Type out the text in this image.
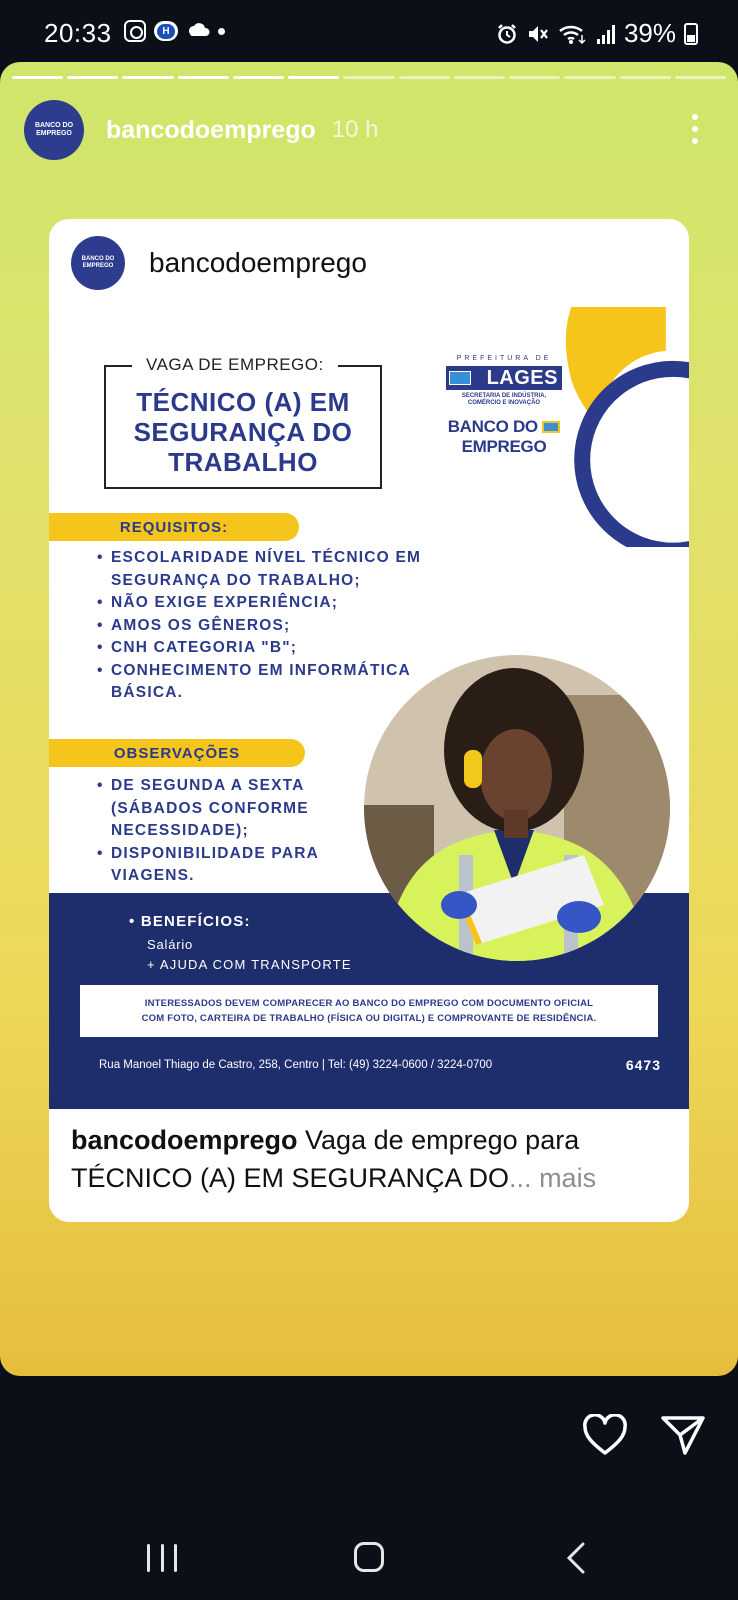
20:33	H	39%
BANCO DO
EMPREGO bancodoemprego 10 h
BANCO DO
EMPREGO bancodoemprego
VAGA DE EMPREGO:
TÉCNICO (A) EM
SEGURANÇA DO
TRABALHO
PREFEITURA DE
LAGES
SECRETARIA DE INDÚSTRIA,
COMÉRCIO E INOVAÇÃO
BANCO DO
EMPREGO
REQUISITOS:
• ESCOLARIDADE NÍVEL TÉCNICO EM SEGURANÇA DO TRABALHO;
• NÃO EXIGE EXPERIÊNCIA;
• AMOS OS GÊNEROS;
• CNH CATEGORIA "B";
• CONHECIMENTO EM INFORMÁTICA BÁSICA.
OBSERVAÇÕES
• DE SEGUNDA A SEXTA (SÁBADOS CONFORME NECESSIDADE);
• DISPONIBILIDADE PARA VIAGENS.
• BENEFÍCIOS:
Salário
+ AJUDA COM TRANSPORTE
INTERESSADOS DEVEM COMPARECER AO BANCO DO EMPREGO COM DOCUMENTO OFICIAL
COM FOTO, CARTEIRA DE TRABALHO (FÍSICA OU DIGITAL) E COMPROVANTE DE RESIDÊNCIA.
Rua Manoel Thiago de Castro, 258, Centro | Tel: (49) 3224-0600 / 3224-0700	6473
bancodoemprego Vaga de emprego para TÉCNICO (A) EM SEGURANÇA DO... mais
